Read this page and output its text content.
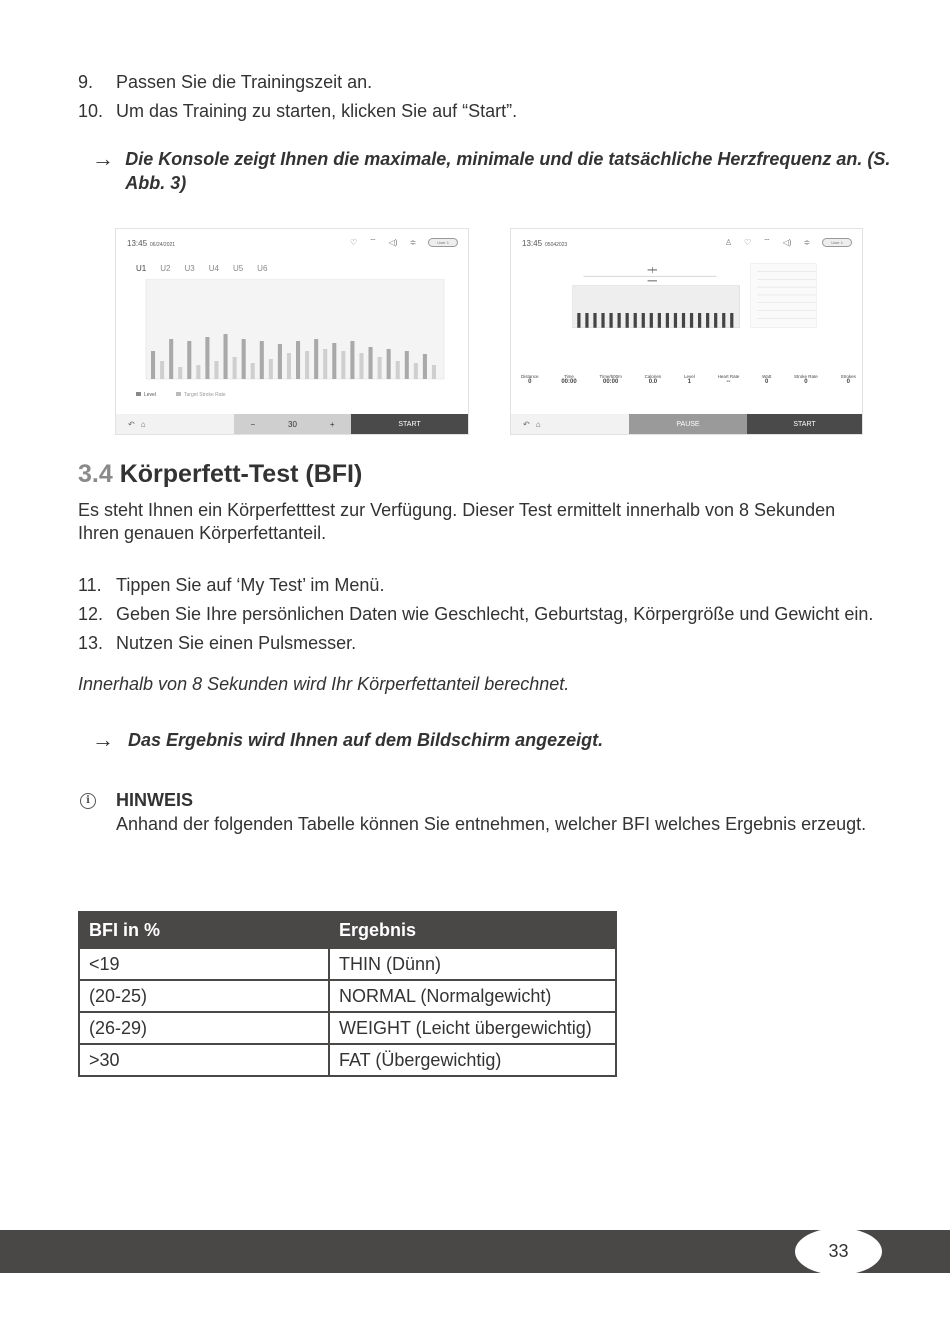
9.	Passen Sie die Trainingszeit an.
10. Um das Training zu starten, klicken Sie auf “Start”.
→ Die Konsole zeigt Ihnen die maximale, minimale und die tatsächliche Herzfrequenz an. (S. Abb. 3)
13:45 06/24/2021	♡ ⌔ ◁) ≑	User 1
U1 U2 U3 U4 U5 U6
Level	Target Stroke Rate
↶⌂	−	30	+	START
13:45 05042023	♙ ♡ ⌔ ◁) ≑	User 1
Distance
0
Time
00:00
Time/500m
00:00
Calories
0.0
Level
1
Heart Rate
--
Watt
0
Stroke Rate
0
Strokes
0
↶⌂	PAUSE	START
3.4 Körperfett-Test (BFI)
Es steht Ihnen ein Körperfetttest zur Verfügung. Dieser Test ermittelt innerhalb von 8 Sekunden Ihren genauen Körperfettanteil.
11. Tippen Sie auf ‘My Test’ im Menü.
12. Geben Sie Ihre persönlichen Daten wie Geschlecht, Geburtstag, Körpergröße und Gewicht ein.
13. Nutzen Sie einen Pulsmesser.
Innerhalb von 8 Sekunden wird Ihr Körperfettanteil berechnet.
→ Das Ergebnis wird Ihnen auf dem Bildschirm angezeigt.
i	HINWEIS
Anhand der folgenden Tabelle können Sie entnehmen, welcher BFI welches Ergebnis erzeugt.
BFI in %	Ergebnis
<19	THIN (Dünn)
(20-25)	NORMAL (Normalgewicht)
(26-29)	WEIGHT (Leicht übergewichtig)
>30	FAT (Übergewichtig)
33
